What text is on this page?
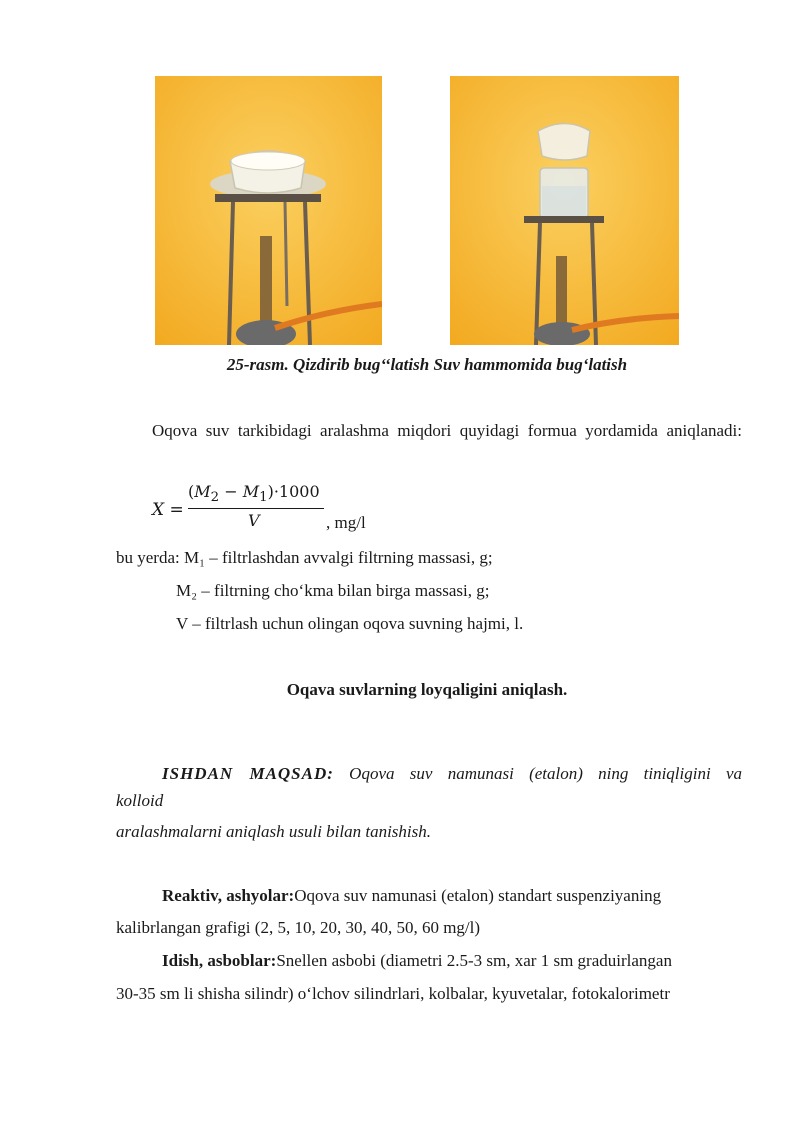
25-rasm. Qizdirib bug‘‘latish Suv hammomida bug‘latish
Oqova suv tarkibidagi aralashma miqdori quyidagi formua yordamida aniqlanadi:
X =
$(M_2 - M_1)\cdot 1000$
V	, mg/l
bu yerda: M₁ – filtrlashdan avvalgi filtrning massasi, g;
M₂ – filtrning cho‘kma bilan birga massasi, g;
V – filtrlash uchun olingan oqova suvning hajmi, l.
Oqava suvlarning loyqaligini aniqlash.
ISHDAN MAQSAD: Oqova suv namunasi (etalon) ning tiniqligini va
kolloid
aralashmalarni aniqlash usuli bilan tanishish.
Reaktiv, ashyolar:Oqova suv namunasi (etalon) standart suspenziyaning
kalibrlangan grafigi (2, 5, 10, 20, 30, 40, 50, 60 mg/l)
Idish, asboblar:Snellen asbobi (diametri 2.5-3 sm, xar 1 sm graduirlangan
30-35 sm li shisha silindr) o‘lchov silindrlari, kolbalar, kyuvetalar, fotokalorimetr
